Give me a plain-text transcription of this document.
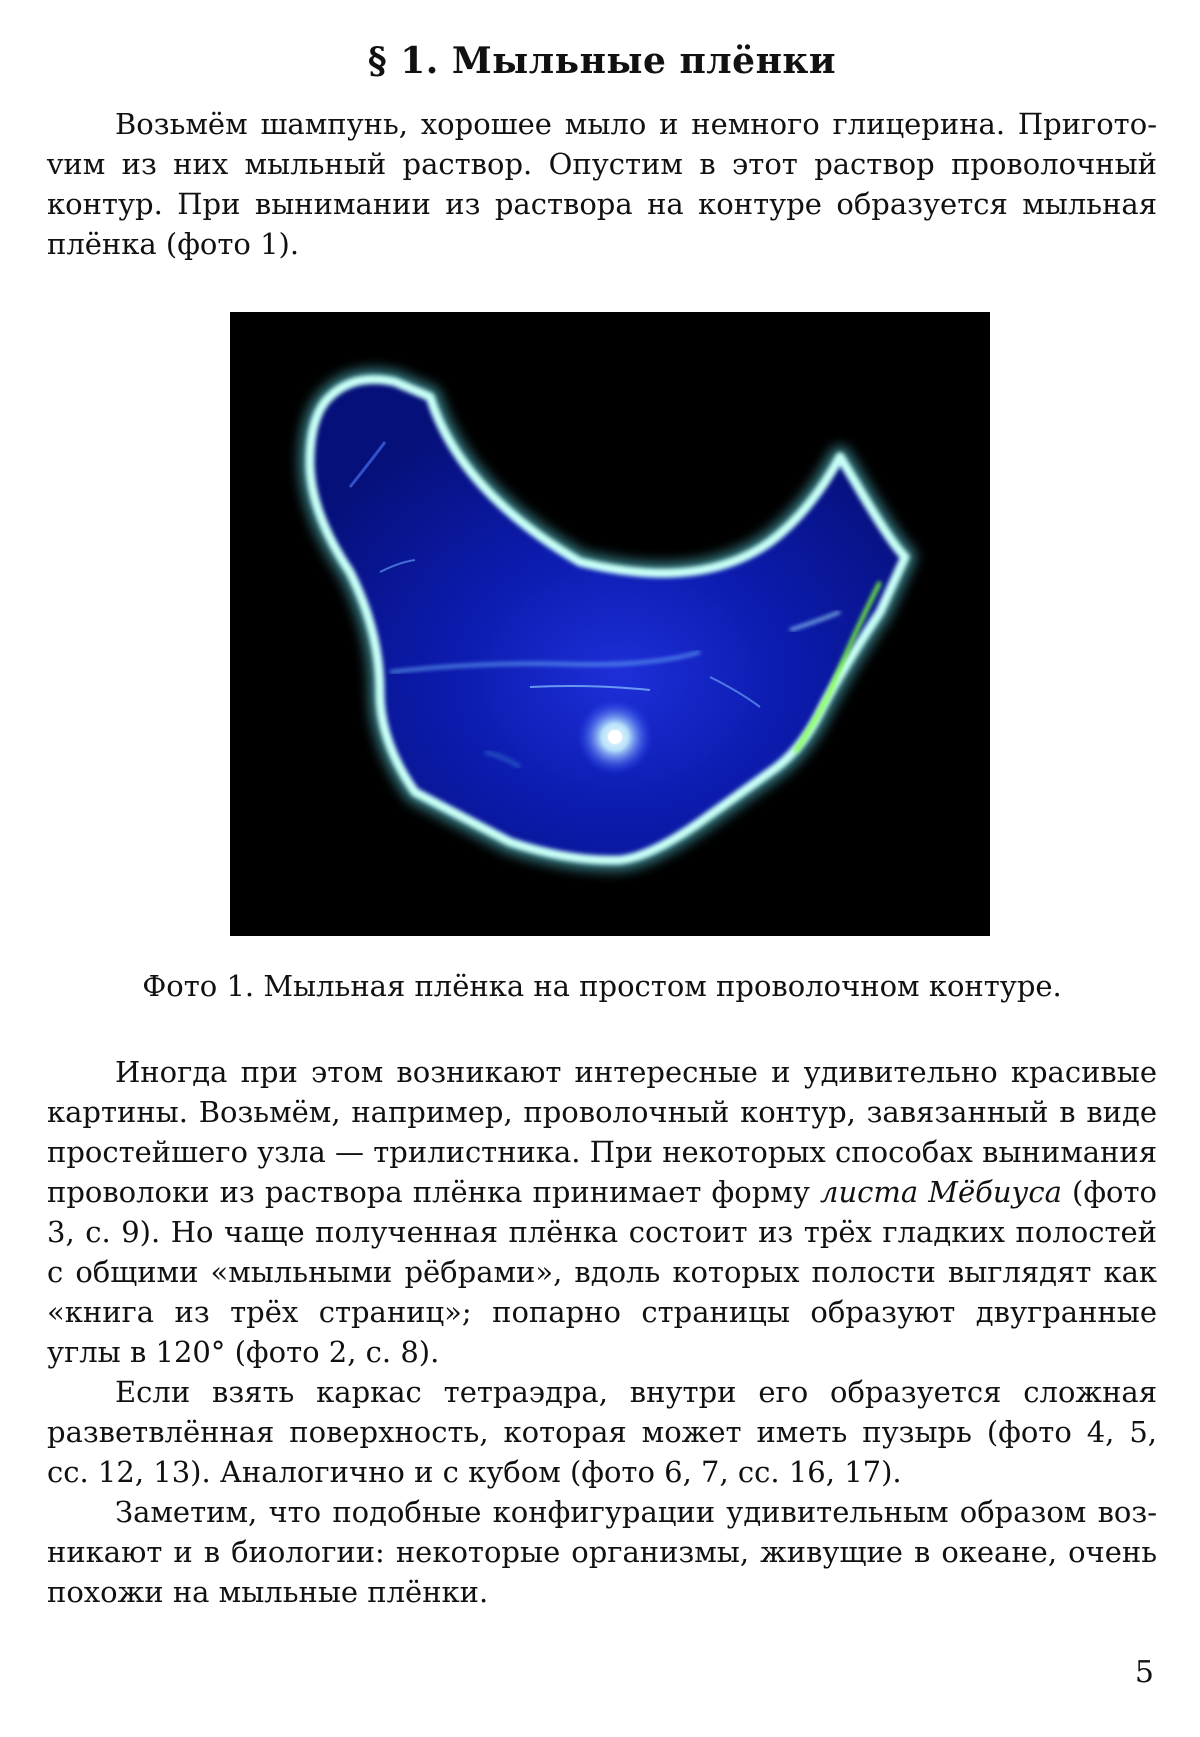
§ 1. Мыльные плёнки

Возьмём шампунь, хорошее мыло и немного глицерина. Приготоvим из них мыльный раствор. Опустим в этот раствор проволочный контур. При вынимании из раствора на контуре образуется мыльная плёнка (фото 1).

Фото 1. Мыльная плёнка на простом проволочном контуре.

Иногда при этом возникают интересные и удивительно красивые картины. Возьмём, например, проволочный контур, завязанный в виде простейшего узла — трилистника. При некоторых способах вынимания проволоки из раствора плёнка принимает форму листа Мёбиуса (фото 3, с. 9). Но чаще полученная плёнка состоит из трёх гладких полостей с общими «мыльными рёбрами», вдоль которых полости выглядят как «книга из трёх страниц»; попарно страницы образуют двугранные углы в 120° (фото 2, с. 8).

Если взять каркас тетраэдра, внутри его образуется сложная разветвлённая поверхность, которая может иметь пузырь (фото 4, 5, сс. 12, 13). Аналогично и с кубом (фото 6, 7, сс. 16, 17).

Заметим, что подобные конфигурации удивительным образом возникают и в биологии: некоторые организмы, живущие в океане, очень похожи на мыльные плёнки.

5
